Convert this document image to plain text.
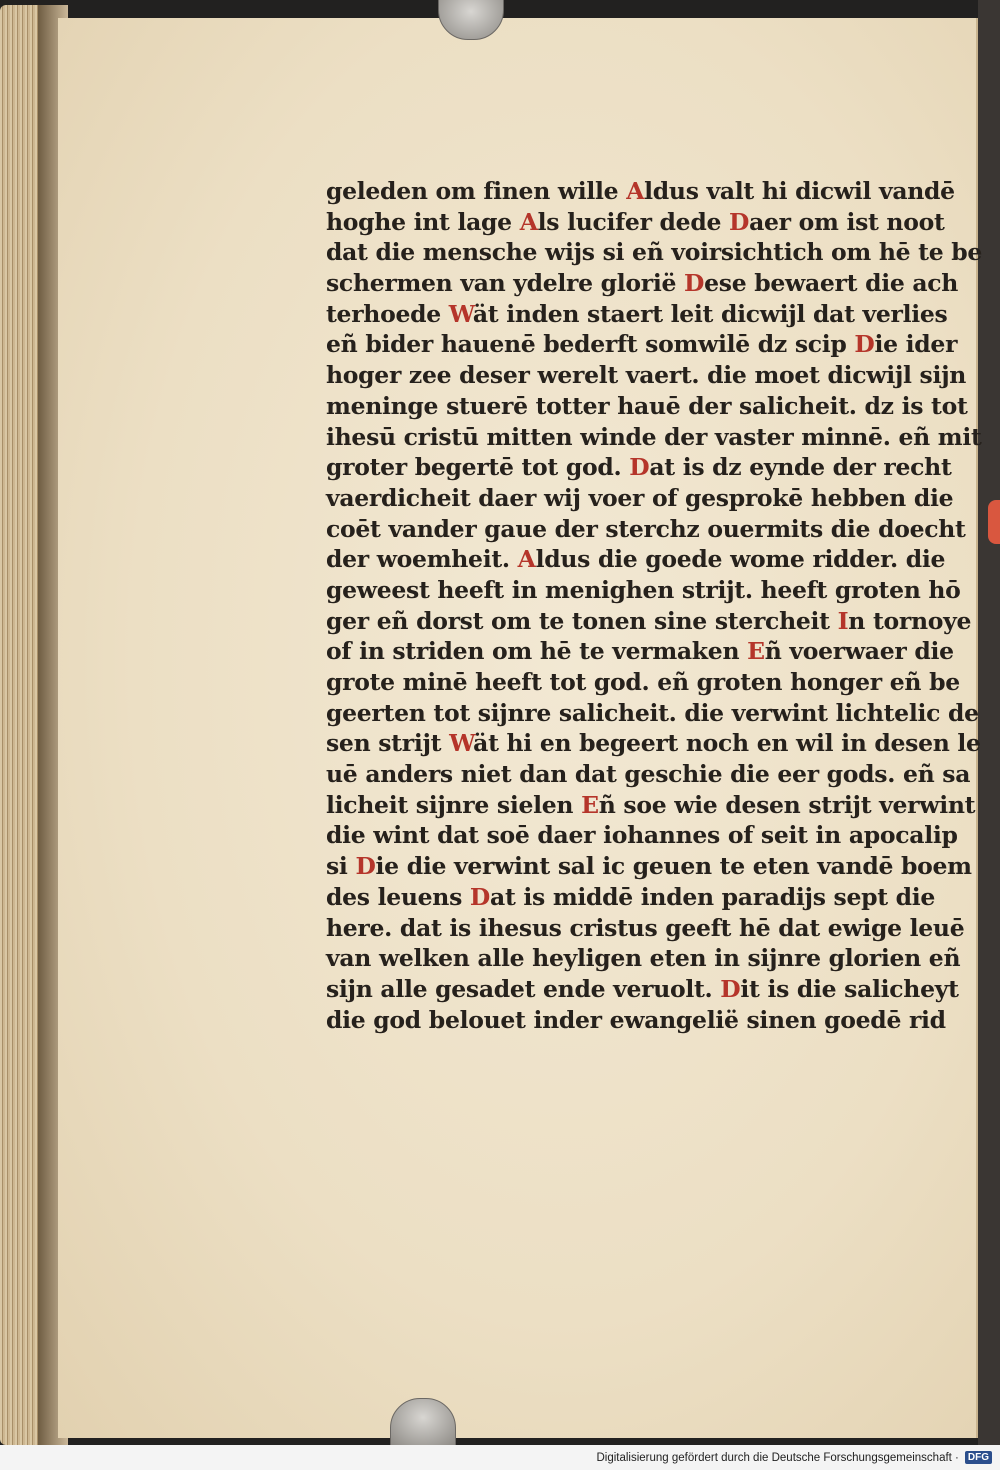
geleden om finen wille Aldus valt hi dicwil vandē
hoghe int lage Als lucifer dede Daer om ist noot
dat die mensche wijs si eñ voirsichtich om hē te be
schermen van ydelre glorië Dese bewaert die ach
terhoede Wät inden staert leit dicwijl dat verlies
eñ bider hauenē bederft somwilē dz scip Die ider
hoger zee deser werelt vaert. die moet dicwijl sijn
meninge stuerē totter hauē der salicheit. dz is tot
ihesū cristū mitten winde der vaster minnē. eñ mit
groter begertē tot god. Dat is dz eynde der recht
vaerdicheit daer wij voer of gesprokē hebben die
coēt vander gaue der sterchz ouermits die doecht
der woemheit. Aldus die goede wome ridder. die
geweest heeft in menighen strijt. heeft groten hō
ger eñ dorst om te tonen sine stercheit In tornoye
of in striden om hē te vermaken Eñ voerwaer die
grote minē heeft tot god. eñ groten honger eñ be
geerten tot sijnre salicheit. die verwint lichtelic de
sen strijt Wät hi en begeert noch en wil in desen le
uē anders niet dan dat geschie die eer gods. eñ sa
licheit sijnre sielen Eñ soe wie desen strijt verwint
die wint dat soē daer iohannes of seit in apocalip
si Die die verwint sal ic geuen te eten vandē boem
des leuens Dat is middē inden paradijs sept die
here. dat is ihesus cristus geeft hē dat ewige leuē
van welken alle heyligen eten in sijnre glorien eñ
sijn alle gesadet ende veruolt. Dit is die salicheyt
die god belouet inder ewangelië sinen goedē rid
Digitalisierung gefördert durch die Deutsche Forschungsgemeinschaft · DFG
